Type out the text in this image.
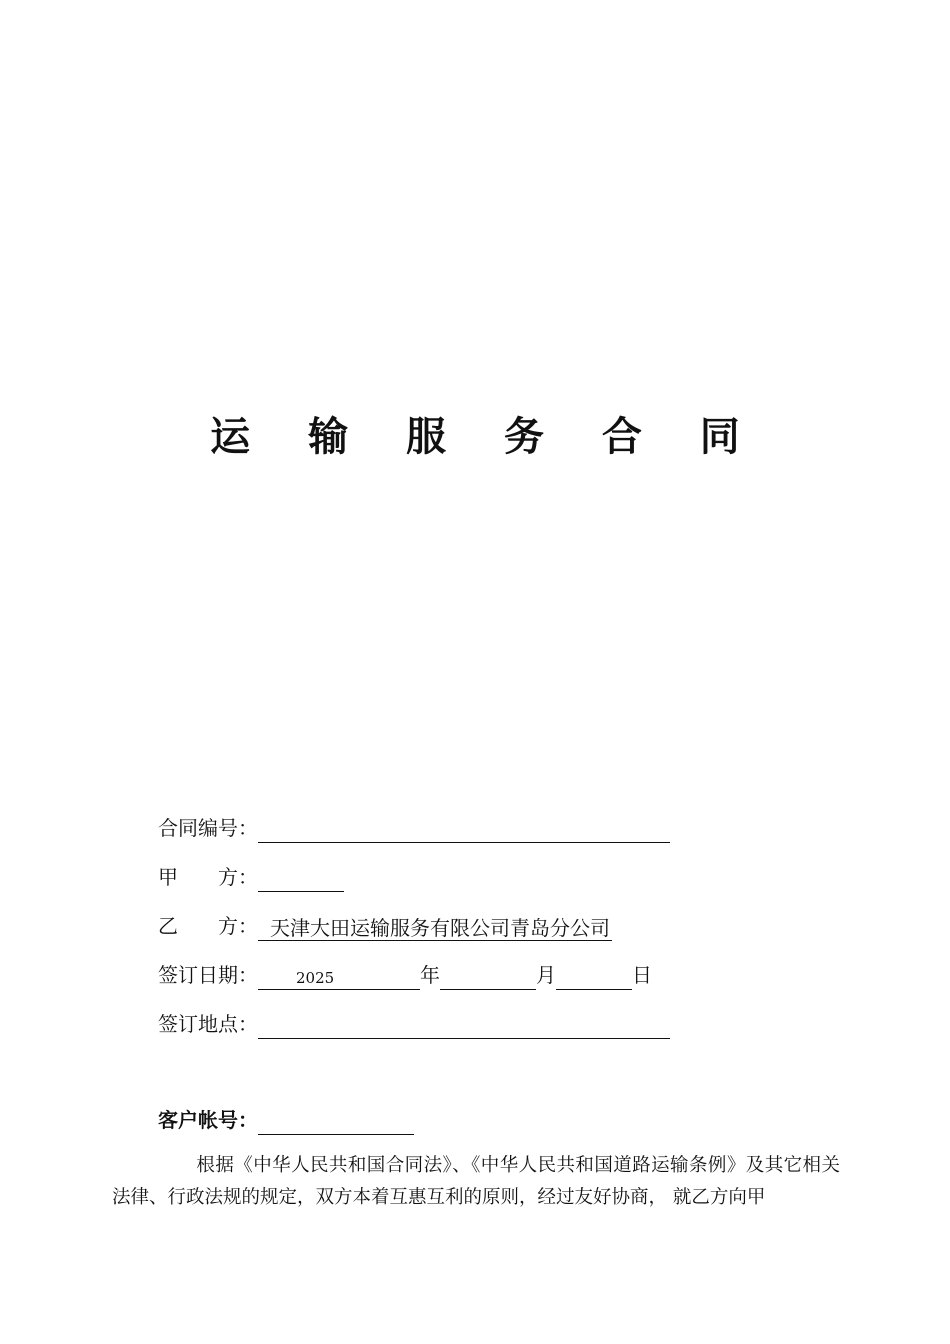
运 输 服 务 合 同
合同编号：
甲　　方：
乙　　方： 天津大田运输服务有限公司青岛分公司
签订日期：	2025	年	月	日
签订地点：
客户帐号：
根据《中华人民共和国合同法》、《中华人民共和国道路运输条例》及其它相关法律、行政法规的规定，双方本着互惠互利的原则，经过友好协商， 就乙方向甲
